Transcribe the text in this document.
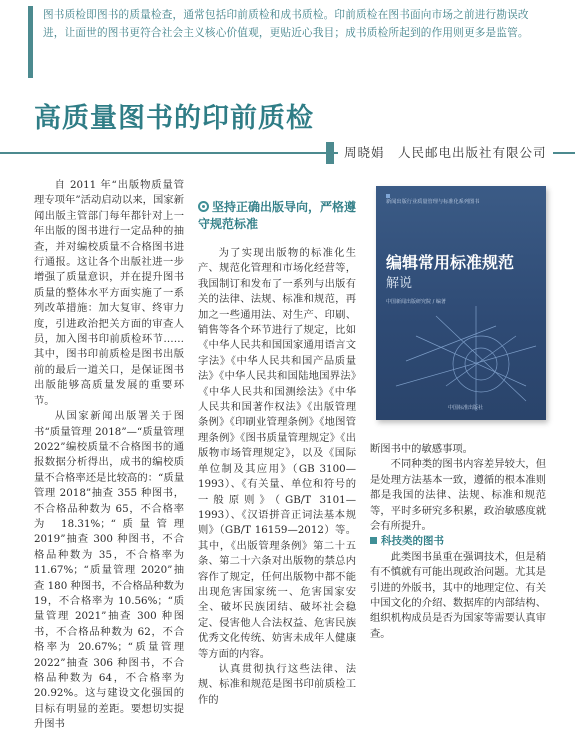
图书质检即图书的质量检查，通常包括印前质检和成书质检。印前质检在图书面向市场之前进行勘误改进，让面世的图书更符合社会主义核心价值观，更贴近心我目；成书质检所起到的作用则更多是监管。
高质量图书的印前质检
周晓娟　人民邮电出版社有限公司

自 2011 年“出版物质量管理专项年”活动启动以来，国家新闻出版主管部门每年都针对上一年出版的图书进行一定品种的抽查，并对编校质量不合格图书进行通报。这让各个出版社进一步增强了质量意识，并在提升图书质量的整体水平方面实施了一系列改革措施：加大复审、终审力度，引进政治把关方面的审查人员，加入图书印前质检环节……其中，图书印前质检是图书出版前的最后一道关口，是保证图书出版能够高质量发展的重要环节。

从国家新闻出版署关于图书“质量管理 2018”—“质量管理 2022”编校质量不合格图书的通报数据分析得出，成书的编校质量不合格率还是比较高的：“质量管理 2018”抽查 355 种图书，不合格品种数为 65，不合格率为 18.31%；“质量管理 2019”抽查 300 种图书，不合格品种数为 35，不合格率为 11.67%；“质量管理 2020”抽查 180 种图书，不合格品种数为 19，不合格率为 10.56%；“质量管理 2021”抽查 300 种图书，不合格品种数为 62，不合格率为 20.67%；“质量管理 2022”抽查 306 种图书，不合格品种数为 64，不合格率为 20.92%。这与建设文化强国的目标有明显的差距。要想切实提升图书

坚持正确出版导向，严格遵守规范标准

为了实现出版物的标准化生产、规范化管理和市场化经营等，我国制订和发布了一系列与出版有关的法律、法规、标准和规范，再加之一些通用法、对生产、印刷、销售等各个环节进行了规定，比如《中华人民共和国国家通用语言文字法》《中华人民共和国产品质量法》《中华人民共和国陆地国界法》《中华人民共和国测绘法》《中华人民共和国著作权法》《出版管理条例》《印刷业管理条例》《地图管理条例》《图书质量管理规定》《出版物市场管理规定》，以及《国际单位制及其应用》（GB 3100—1993）、《有关量、单位和符号的一般原则》（GB/T 3101—1993）、《汉语拼音正词法基本规则》（GB/T 16159—2012）等。其中，《出版管理条例》第二十五条、第二十六条对出版物的禁总内容作了规定，任何出版物中都不能出现危害国家统一、危害国家安全、破坏民族团结、破坏社会稳定、侵害他人合法权益、危害民族优秀文化传统、妨害未成年人健康等方面的内容。

认真贯彻执行这些法律、法规、标准和规范是图书印前质检工作的

新闻出版行业质量管理与标准化系列图书
编辑常用标准规范
解说
中国新闻出版研究院 / 编著
中国标准出版社

断图书中的敏感事项。

不同种类的图书内容差异较大，但是处理方法基本一致，遵循的根本准则都是我国的法律、法规、标准和规范等，平时多研究多积累，政治敏感度就会有所提升。

科技类的图书

此类图书虽重在强调技术，但是稍有不慎就有可能出现政治问题。尤其是引进的外版书，其中的地理定位、有关中国文化的介绍、数据库的内部结构、组织机构成员是否为国家等需要认真审查。
